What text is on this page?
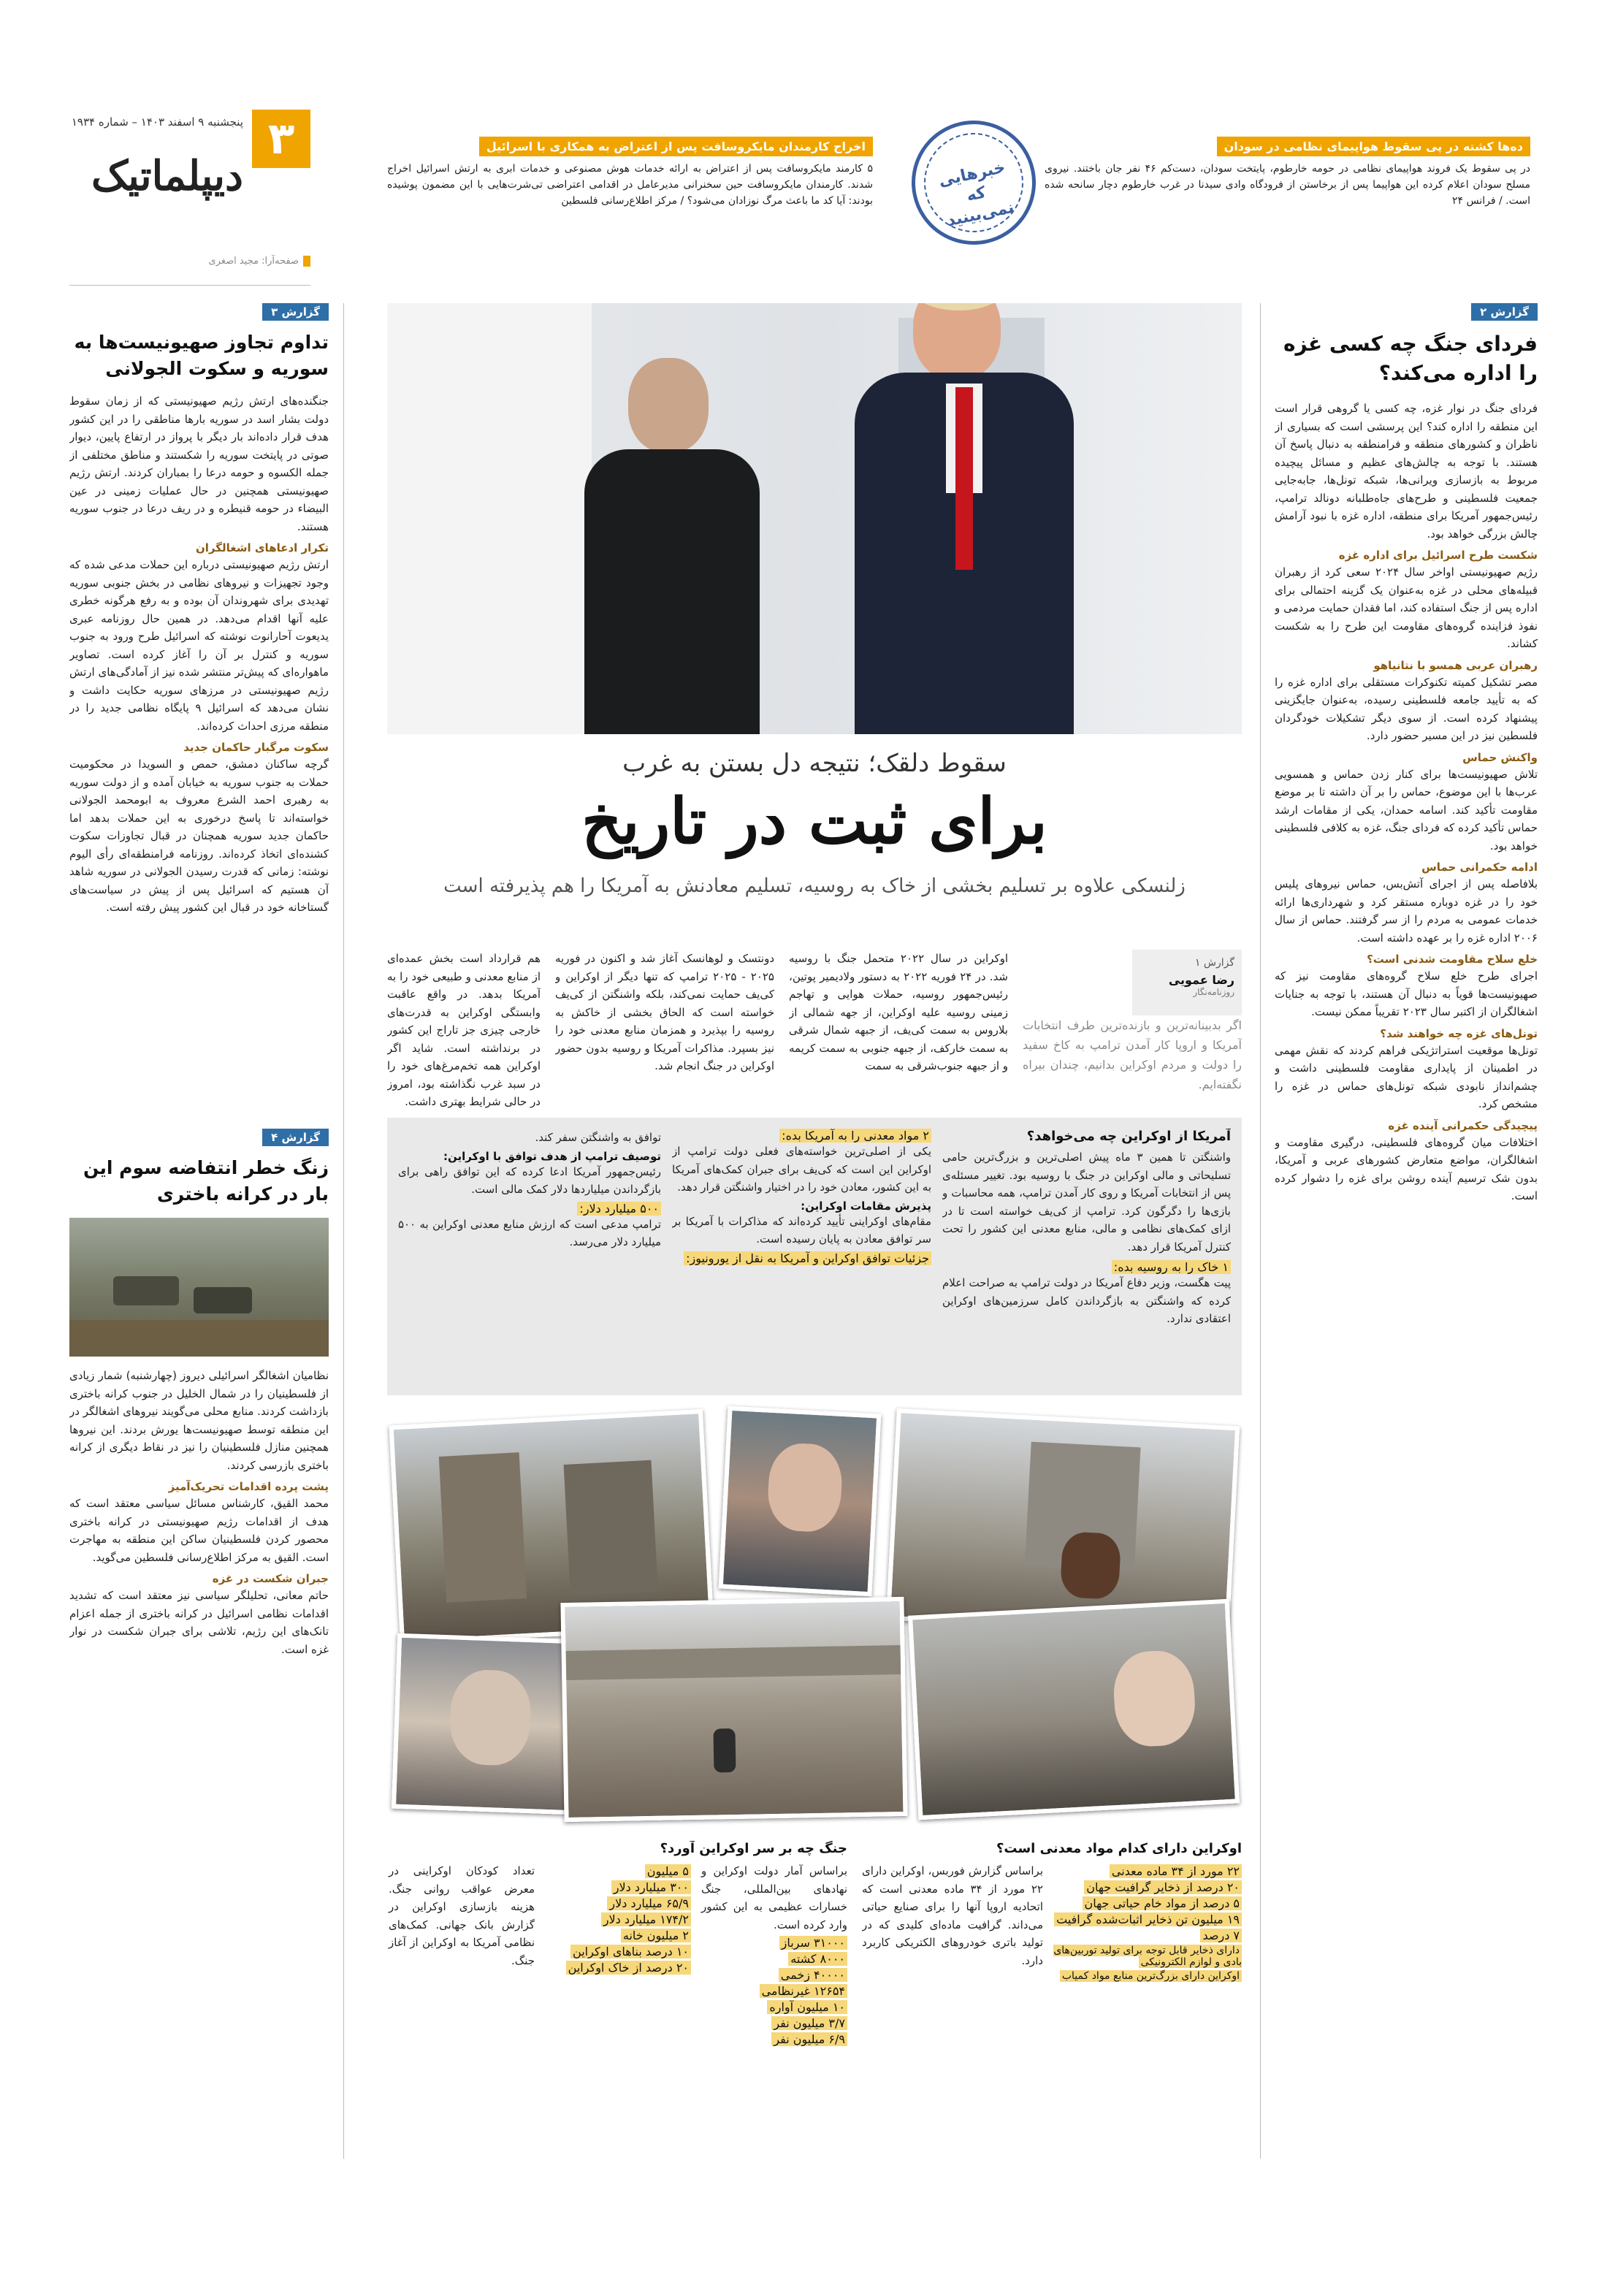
۳
پنجشنبه ۹ اسفند ۱۴۰۳ – شماره ۱۹۳۴
دیپلماتیک
صفحه‌آرا: مجید اصغری
ده‌ها کشته در پی سقوط هواپیمای نظامی در سودان
در پی سقوط یک فروند هواپیمای نظامی در حومه خارطوم، پایتخت سودان، دست‌کم ۴۶ نفر جان باختند. نیروی مسلح سودان اعلام کرده این هواپیما پس از برخاستن از فرودگاه وادی سیدنا در غرب خارطوم دچار سانحه شده است. / فرانس ۲۴
خبرهایی که نمی‌بینید
اخراج کارمندان مایکروسافت پس از اعتراض به همکاری با اسرائیل
۵ کارمند مایکروسافت پس از اعتراض به ارائه خدمات هوش مصنوعی و خدمات ابری به ارتش اسرائیل اخراج شدند. کارمندان مایکروسافت حین سخنرانی مدیرعامل در اقدامی اعتراضی تی‌شرت‌هایی با این مضمون پوشیده بودند: آیا کد ما باعث مرگ نوزادان می‌شود؟ / مرکز اطلاع‌رسانی فلسطین
گزارش ۲
فردای جنگ چه کسی غزه را اداره می‌کند؟
فردای جنگ در نوار غزه، چه کسی یا گروهی قرار است این منطقه را اداره کند؟ این پرسشی است که بسیاری از ناظران و کشورهای منطقه و فرامنطقه به دنبال پاسخ آن هستند. با توجه به چالش‌های عظیم و مسائل پیچیده مربوط به بازسازی ویرانی‌ها، شبکه تونل‌ها، جابه‌جایی جمعیت فلسطینی و طرح‌های جاه‌طلبانه دونالد ترامپ، رئیس‌جمهور آمریکا برای منطقه، اداره غزه با نبود آرامش چالش بزرگی خواهد بود.
شکست طرح اسرائیل برای اداره غزه
رژیم صهیونیستی اواخر سال ۲۰۲۴ سعی کرد از رهبران قبیله‌های محلی در غزه به‌عنوان یک گزینه احتمالی برای اداره پس از جنگ استفاده کند، اما فقدان حمایت مردمی و نفوذ فزاینده گروه‌های مقاومت این طرح را به شکست کشاند.
رهبران عربی همسو با نتانیاهو
مصر تشکیل کمیته تکنوکرات مستقلی برای اداره غزه را که به تأیید جامعه فلسطینی رسیده، به‌عنوان جایگزینی پیشنهاد کرده است. از سوی دیگر تشکیلات خودگردان فلسطین نیز در این مسیر حضور دارد.
واکنش حماس
تلاش صهیونیست‌ها برای کنار زدن حماس و همسویی عرب‌ها با این موضوع، حماس را بر آن داشته تا بر موضع مقاومت تأکید کند. اسامه حمدان، یکی از مقامات ارشد حماس تأکید کرده که فردای جنگ، غزه به کلافی فلسطینی خواهد بود.
ادامه حکمرانی حماس
بلافاصله پس از اجرای آتش‌بس، حماس نیروهای پلیس خود را در غزه دوباره مستقر کرد و شهرداری‌ها ارائه خدمات عمومی به مردم را از سر گرفتند. حماس از سال ۲۰۰۶ اداره غزه را بر عهده داشته است.
خلع سلاح مقاومت شدنی است؟
اجرای طرح خلع سلاح گروه‌های مقاومت نیز که صهیونیست‌ها قویاً به دنبال آن هستند، با توجه به جنایات اشغالگران از اکتبر سال ۲۰۲۳ تقریباً ممکن نیست.
تونل‌های غزه چه خواهند شد؟
تونل‌ها موقعیت استراتژیکی فراهم کردند که نقش مهمی در اطمینان از پایداری مقاومت فلسطینی داشت و چشم‌انداز نابودی شبکه تونل‌های حماس در غزه را مشخص کرد.
پیچیدگی حکمرانی آینده غزه
اختلافات میان گروه‌های فلسطینی، درگیری مقاومت و اشغالگران، مواضع متعارض کشورهای عربی و آمریکا، بدون شک ترسیم آینده روشن برای غزه را دشوار کرده است.
گزارش ۳
تداوم تجاوز صهیونیست‌ها به سوریه و سکوت الجولانی
جنگنده‌های ارتش رژیم صهیونیستی که از زمان سقوط دولت بشار اسد در سوریه بارها مناطقی را در این کشور هدف قرار داده‌اند بار دیگر با پرواز در ارتفاع پایین، دیوار صوتی در پایتخت سوریه را شکستند و مناطق مختلفی از جمله الکسوه و حومه درعا را بمباران کردند. ارتش رژیم صهیونیستی همچنین در حال عملیات زمینی در عین البیضاء در حومه قنیطره و در ریف درعا در جنوب سوریه هستند.
تکرار ادعاهای اشغالگران
ارتش رژیم صهیونیستی درباره این حملات مدعی شده که وجود تجهیزات و نیروهای نظامی در بخش جنوبی سوریه تهدیدی برای شهروندان آن بوده و به رفع هرگونه خطری علیه آنها اقدام می‌دهد. در همین حال روزنامه عبری یدیعوت آحارانوت نوشته که اسرائیل طرح ورود به جنوب سوریه و کنترل بر آن را آغاز کرده است. تصاویر ماهواره‌ای که پیش‌تر منتشر شده نیز از آمادگی‌های ارتش رژیم صهیونیستی در مرزهای سوریه حکایت داشت و نشان می‌دهد که اسرائیل ۹ پایگاه نظامی جدید را در منطقه مرزی احداث کرده‌اند.
سکوت مرگبار حاکمان جدید
گرچه ساکنان دمشق، حمص و السویدا در محکومیت حملات به جنوب سوریه به خیابان آمده و از دولت سوریه به رهبری احمد الشرع معروف به ابومحمد الجولانی خواسته‌اند تا پاسخ درخوری به این حملات بدهد اما حاکمان جدید سوریه همچنان در قبال تجاوزات سکوت کشنده‌ای اتخاذ کرده‌اند. روزنامه فرامنطقه‌ای رأی الیوم نوشته: زمانی که قدرت رسیدن الجولانی در سوریه شاهد آن هستیم که اسرائیل پس از پیش در سیاست‌های گستاخانه خود در قبال این کشور پیش رفته است.
گزارش ۴
زنگ خطر انتفاضه سوم این بار در کرانه باختری
نظامیان اشغالگر اسرائیلی دیروز (چهارشنبه) شمار زیادی از فلسطینیان را در شمال الخلیل در جنوب کرانه باختری بازداشت کردند. منابع محلی می‌گویند نیروهای اشغالگر در این منطقه توسط صهیونیست‌ها یورش بردند. این نیروها همچنین منازل فلسطینیان را نیز در نقاط دیگری از کرانه باختری بازرسی کردند.
پشت پرده اقدامات تحریک‌آمیز
محمد القیق، کارشناس مسائل سیاسی معتقد است که هدف از اقدامات رژیم صهیونیستی در کرانه باختری محصور کردن فلسطینیان ساکن این منطقه به مهاجرت است. القیق به مرکز اطلاع‌رسانی فلسطین می‌گوید.
جبران شکست در غزه
حاتم معانی، تحلیلگر سیاسی نیز معتقد است که تشدید اقدامات نظامی اسرائیل در کرانه باختری از جمله اعزام تانک‌های این رژیم، تلاشی برای جبران شکست در نوار غزه است.
سقوط دلقک؛ نتیجه دل بستن به غرب
برای ثبت در تاریخ
زلنسکی علاوه بر تسلیم بخشی از خاک به روسیه، تسلیم معادنش به آمریکا را هم پذیرفته است
گزارش ۱
رضا عمویی
روزنامه‌نگار
اگر بدبینانه‌ترین و بازنده‌ترین طرف انتخابات آمریکا و اروپا کار آمدن ترامپ به کاخ سفید را دولت و مردم اوکراین بدانیم، چندان بیراه نگفته‌ایم.
اوکراین در سال ۲۰۲۲ متحمل جنگ با روسیه شد. در ۲۴ فوریه ۲۰۲۲ به دستور ولادیمیر پوتین، رئیس‌جمهور روسیه، حملات هوایی و تهاجم زمینی روسیه علیه اوکراین، از جهه شمالی از بلاروس به سمت کی‌یف، از جبهه شمال شرقی به سمت خارکف، از جبهه جنوبی به سمت کریمه و از جبهه جنوب‌شرقی به سمت
دونتسک و لوهانسک آغاز شد و اکنون در فوریه ۲۰۲۵ - ۲۰۲۵ ترامپ که تنها دیگر از اوکراین و کی‌یف حمایت نمی‌کند، بلکه واشنگتن از کی‌یف خواسته است که الحاق بخشی از خاکش به روسیه را بپذیرد و همزمان منابع معدنی خود را نیز بسپرد. مذاکرات آمریکا و روسیه بدون حضور اوکراین در جنگ انجام شد.
هم قرارداد است بخش عمده‌ای از منابع معدنی و طبیعی خود را به آمریکا بدهد. در واقع عاقبت وابستگی اوکراین به قدرت‌های خارجی چیزی جز تاراج این کشور در برنداشته است. شاید اگر اوکراین همه تخم‌مرغ‌های خود را در سبد غرب نگذاشته بود، امروز در حالی شرایط بهتری داشت.
آمریکا از اوکراین چه می‌خواهد؟
واشنگتن تا همین ۳ ماه پیش اصلی‌ترین و بزرگ‌ترین حامی تسلیحاتی و مالی اوکراین در جنگ با روسیه بود. تغییر مسئله‌ی پس از انتخابات آمریکا و روی کار آمدن ترامپ، همه محاسبات و بازی‌ها را دگرگون کرد. ترامپ از کی‌یف خواسته است تا در ازای کمک‌های نظامی و مالی، منابع معدنی این کشور را تحت کنترل آمریکا قرار دهد.
۱ خاک را به روسیه بده:
پیت هگست، وزیر دفاع آمریکا در دولت ترامپ به صراحت اعلام کرده که واشنگتن به بازگرداندن کامل سرزمین‌های اوکراین اعتقادی ندارد.
۲ مواد معدنی را به آمریکا بده:
یکی از اصلی‌ترین خواسته‌های فعلی دولت ترامپ از اوکراین این است که کی‌یف برای جبران کمک‌های آمریکا به این کشور، معادن خود را در اختیار واشنگتن قرار دهد.
پذیرش مقامات اوکراین:
مقام‌های اوکراینی تأیید کرده‌اند که مذاکرات با آمریکا بر سر توافق معادن به پایان رسیده است.
جزئیات توافق اوکراین و آمریکا به نقل از یورونیوز:
توافق به واشنگتن سفر کند.
توصیف ترامپ از هدف توافق با اوکراین:
رئیس‌جمهور آمریکا ادعا کرده که این توافق راهی برای بازگرداندن میلیاردها دلار کمک مالی است.
۵۰۰ میلیارد دلار:
ترامپ مدعی است که ارزش منابع معدنی اوکراین به ۵۰۰ میلیارد دلار می‌رسد.
اوکراین دارای کدام مواد معدنی است؟
۲۲ مورد از ۳۴ ماده معدنی
۲۰ درصد از ذخایر گرافیت جهان
۵ درصد از مواد خام حیاتی جهان
۱۹ میلیون تن ذخایر اثبات‌شده گرافیت
۷ درصد
دارای ذخایر قابل توجه برای تولید توربین‌های بادی و لوازم الکترونیکی
اوکراین دارای بزرگ‌ترین منابع مواد کمیاب
براساس گزارش فوربس، اوکراین دارای ۲۲ مورد از ۳۴ ماده معدنی است که اتحادیه اروپا آنها را برای صنایع حیاتی می‌داند. گرافیت ماده‌ای کلیدی که در تولید باتری خودروهای الکتریکی کاربرد دارد.
جنگ چه بر سر اوکراین آورد؟
براساس آمار دولت اوکراین و نهادهای بین‌المللی، جنگ خسارات عظیمی به این کشور وارد کرده است.
۳۱۰۰۰ سرباز
۸۰۰۰ کشته
۴۰۰۰۰ زخمی
۱۲۶۵۴ غیرنظامی
۱۰ میلیون آواره
۳/۷ میلیون نفر
۶/۹ میلیون نفر
۵ میلیون
۳۰۰ میلیارد دلار
۶۵/۹ میلیارد دلار
۱۷۴/۲ میلیارد دلار
۲ میلیون خانه
۱۰ درصد بناهای اوکراین
۲۰ درصد از خاک اوکراین
تعداد کودکان اوکراینی در معرض عواقب روانی جنگ. هزینه بازسازی اوکراین در گزارش بانک جهانی. کمک‌های نظامی آمریکا به اوکراین از آغاز جنگ.
